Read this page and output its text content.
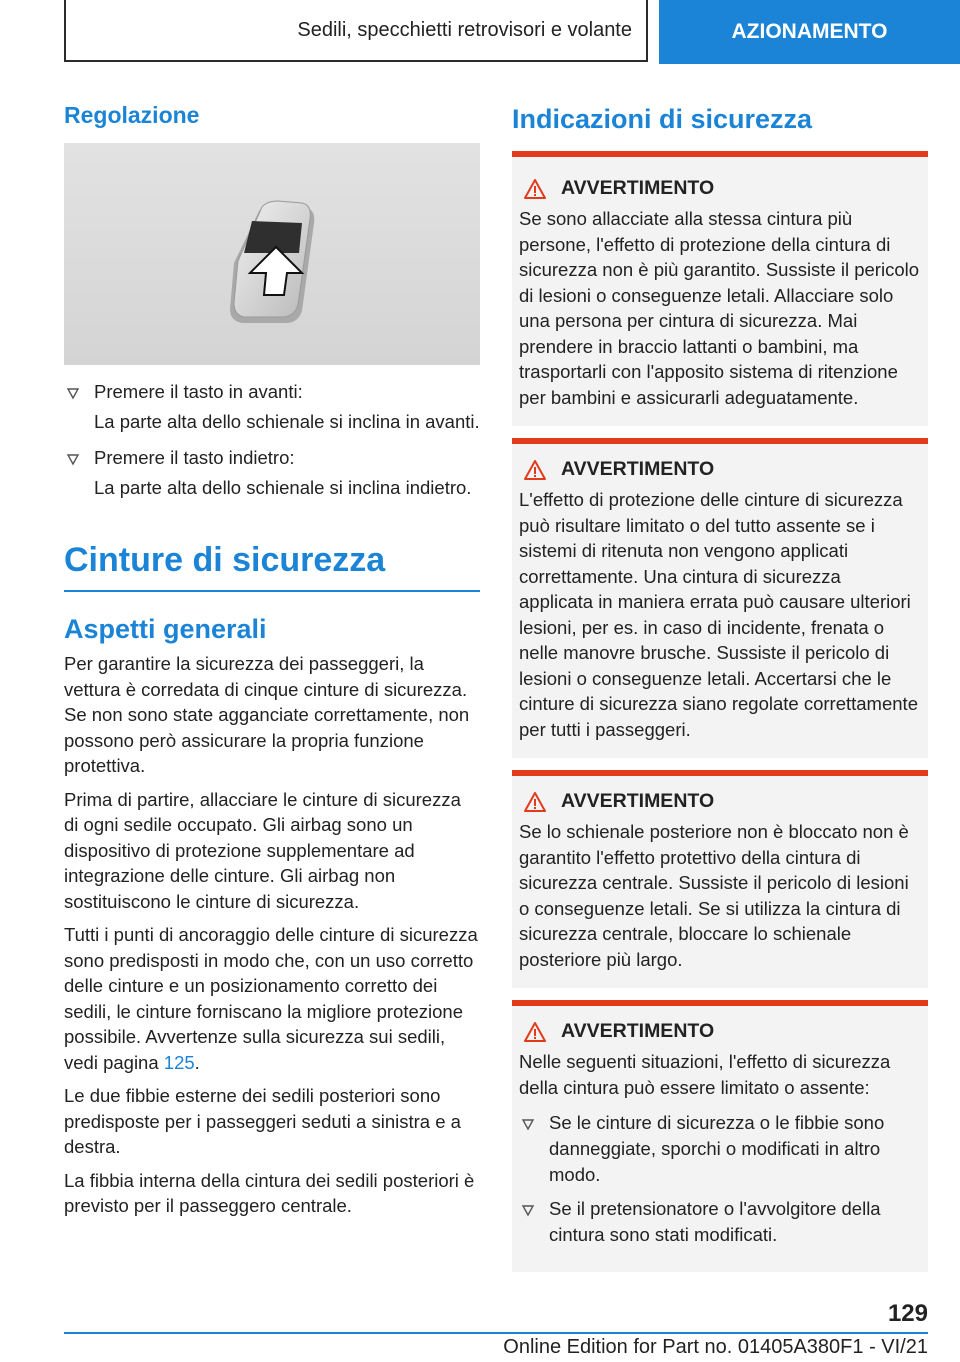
Sedili, specchietti retrovisori e volante	AZIONAMENTO
Regolazione
Premere il tasto in avanti:
La parte alta dello schienale si inclina in avanti.
Premere il tasto indietro:
La parte alta dello schienale si inclina indietro.
Cinture di sicurezza
Aspetti generali

Per garantire la sicurezza dei passeggeri, la vettura è corredata di cinque cinture di sicurezza. Se non sono state agganciate correttamente, non possono però assicurare la propria funzione protettiva.

Prima di partire, allacciare le cinture di sicurezza di ogni sedile occupato. Gli airbag sono un dispositivo di protezione supplementare ad integrazione delle cinture. Gli airbag non sostituiscono le cinture di sicurezza.

Tutti i punti di ancoraggio delle cinture di sicurezza sono predisposti in modo che, con un uso corretto delle cinture e un posizionamento corretto dei sedili, le cinture forniscano la migliore protezione possibile. Avvertenze sulla sicurezza sui sedili, vedi pagina 125.

Le due fibbie esterne dei sedili posteriori sono predisposte per i passeggeri seduti a sinistra e a destra.

La fibbia interna della cintura dei sedili posteriori è previsto per il passeggero centrale.

Indicazioni di sicurezza
AVVERTIMENTO
Se sono allacciate alla stessa cintura più persone, l'effetto di protezione della cintura di sicurezza non è più garantito. Sussiste il pericolo di lesioni o conseguenze letali. Allacciare solo una persona per cintura di sicurezza. Mai prendere in braccio lattanti o bambini, ma trasportarli con l'apposito sistema di ritenzione per bambini e assicurarli adeguatamente.
AVVERTIMENTO
L'effetto di protezione delle cinture di sicurezza può risultare limitato o del tutto assente se i sistemi di ritenuta non vengono applicati correttamente. Una cintura di sicurezza applicata in maniera errata può causare ulteriori lesioni, per es. in caso di incidente, frenata o nelle manovre brusche. Sussiste il pericolo di lesioni o conseguenze letali. Accertarsi che le cinture di sicurezza siano regolate correttamente per tutti i passeggeri.
AVVERTIMENTO
Se lo schienale posteriore non è bloccato non è garantito l'effetto protettivo della cintura di sicurezza centrale. Sussiste il pericolo di lesioni o conseguenze letali. Se si utilizza la cintura di sicurezza centrale, bloccare lo schienale posteriore più largo.
AVVERTIMENTO
Nelle seguenti situazioni, l'effetto di sicurezza della cintura può essere limitato o assente:
Se le cinture di sicurezza o le fibbie sono danneggiate, sporchi o modificati in altro modo.
Se il pretensionatore o l'avvolgitore della cintura sono stati modificati.
129
Online Edition for Part no. 01405A380F1 - VI/21
